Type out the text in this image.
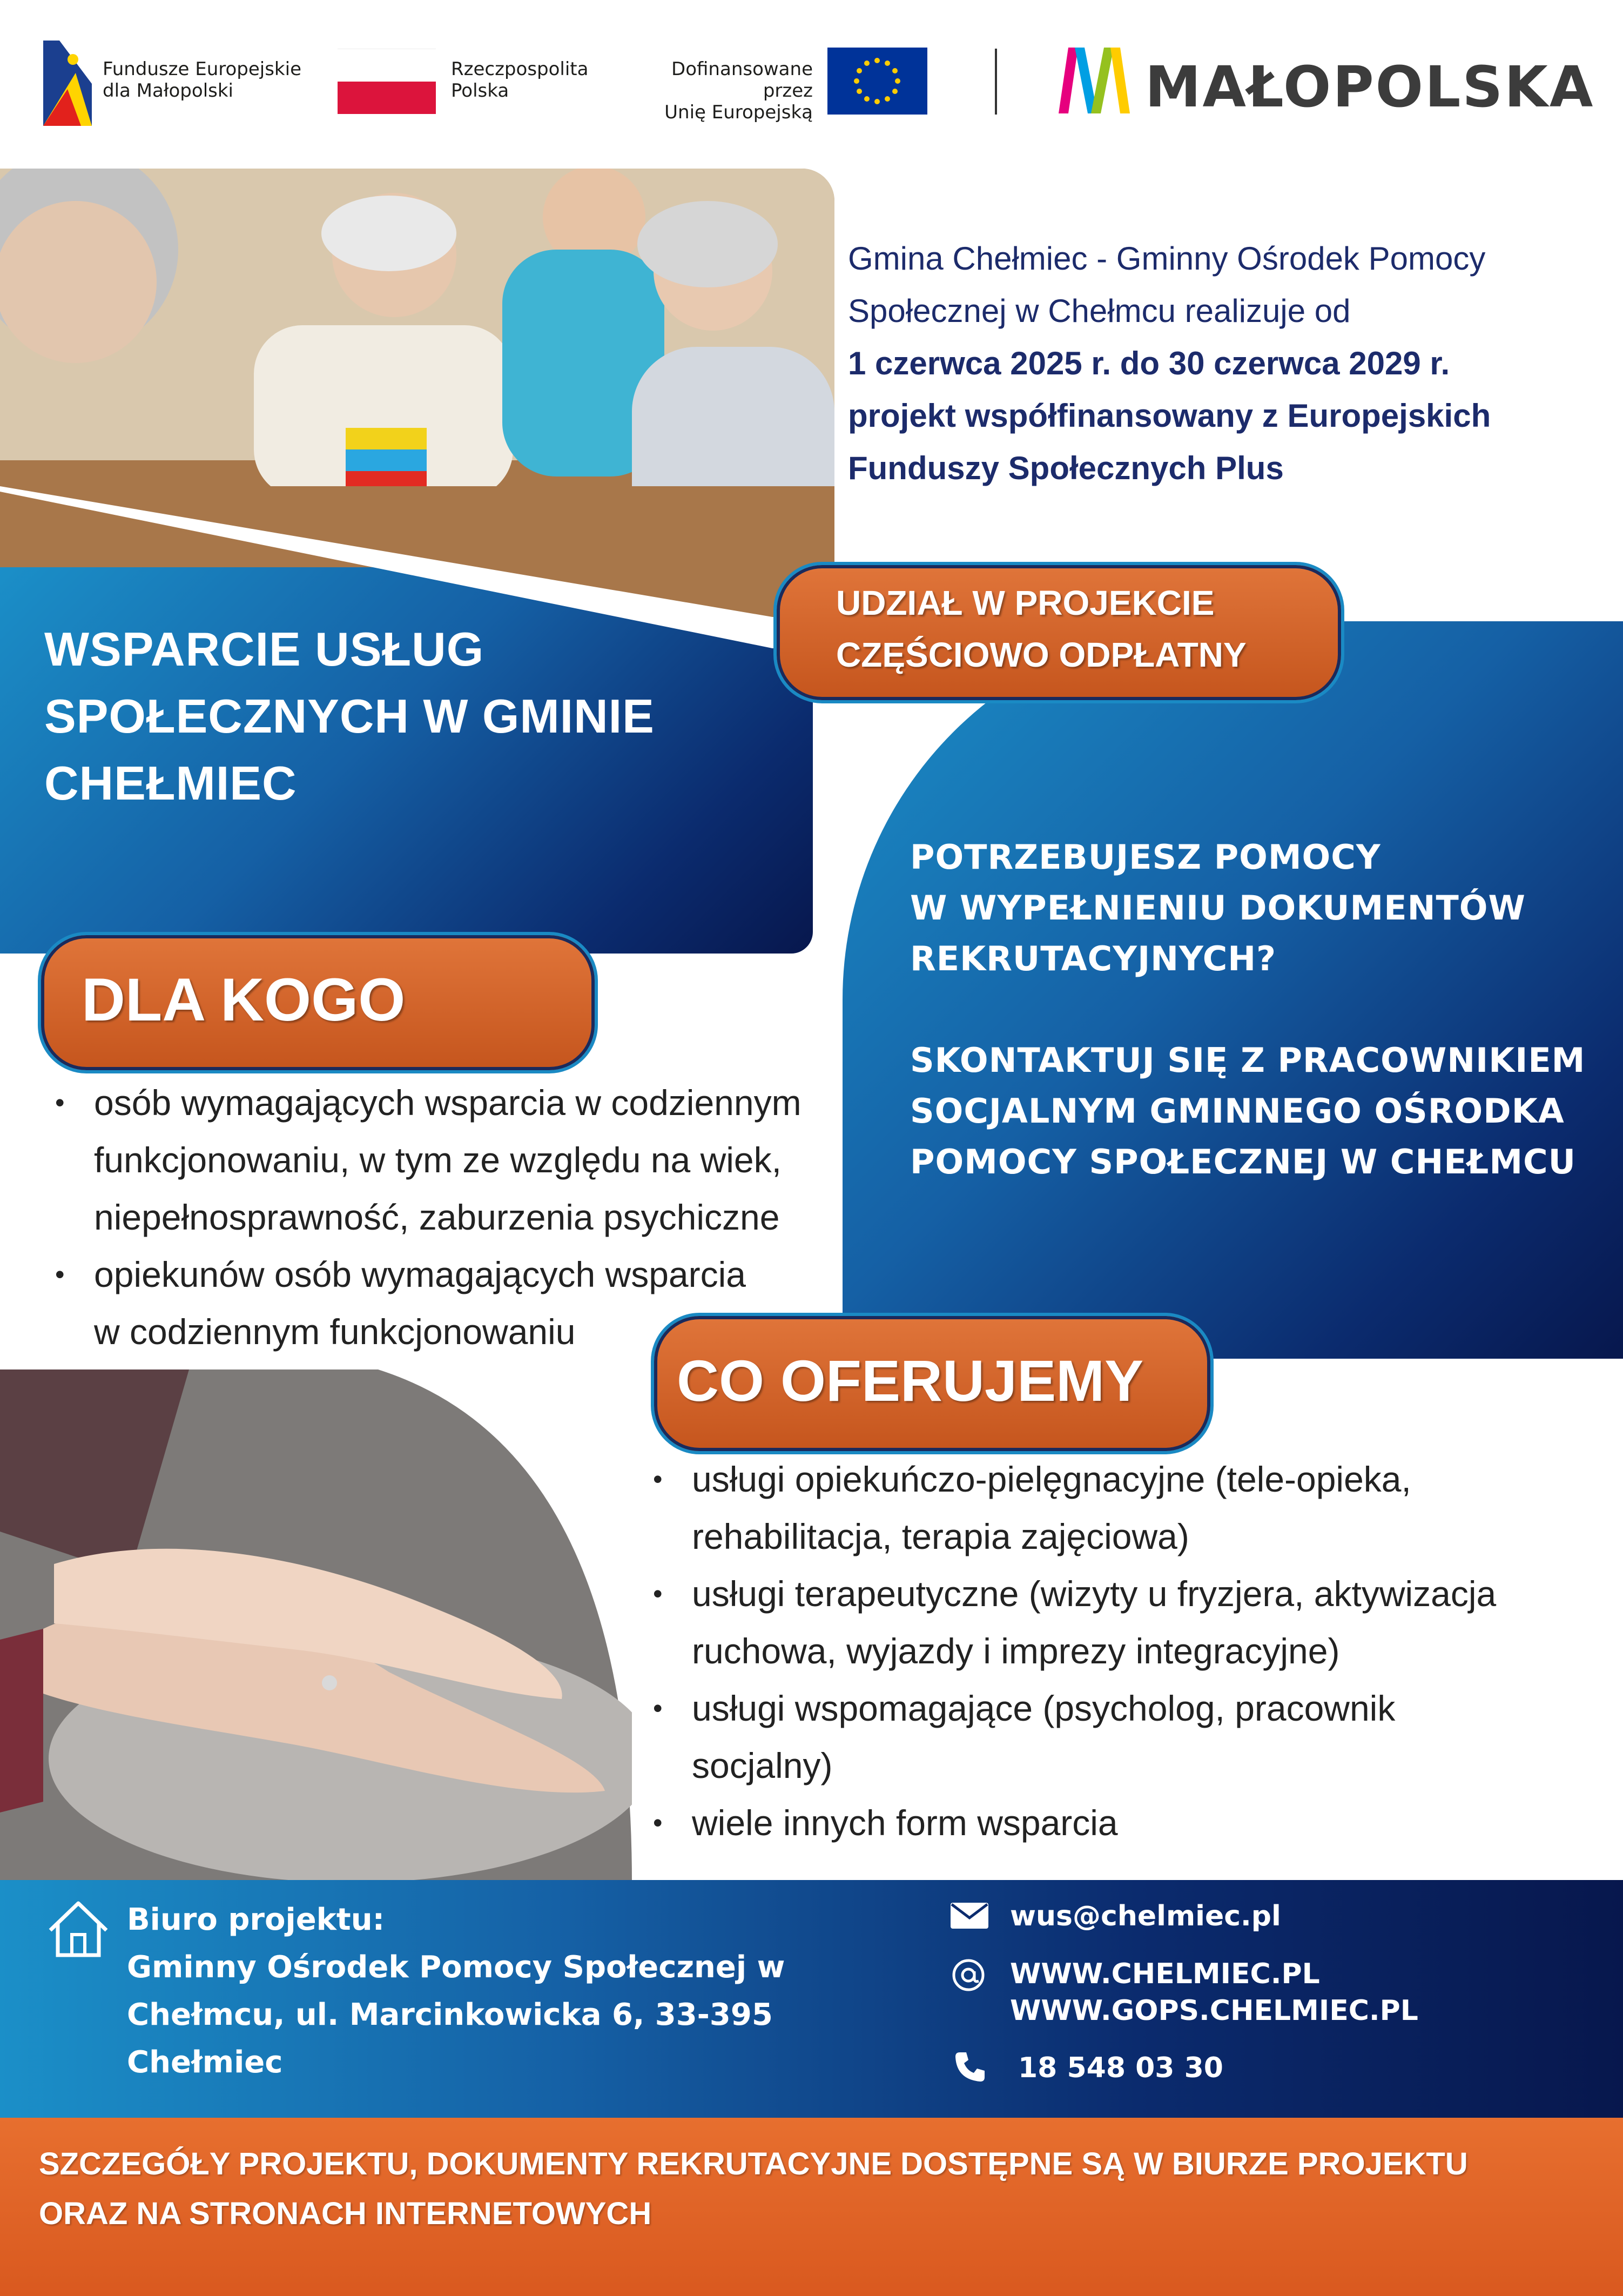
Fundusze Europejskie
dla Małopolski
Rzeczpospolita
Polska
Dofinansowane przez
Unię Europejską	MAŁOPOLSKA
Gmina Chełmiec - Gminny Ośrodek Pomocy
Społecznej w Chełmcu realizuje od
1 czerwca 2025 r. do 30 czerwca 2029 r.
projekt współfinansowany z Europejskich
Funduszy Społecznych Plus
UDZIAŁ W PROJEKCIE
CZĘŚCIOWO ODPŁATNY
WSPARCIE USŁUG
SPOŁECZNYCH W GMINIE
CHEŁMIEC
POTRZEBUJESZ POMOCY
W WYPEŁNIENIU DOKUMENTÓW
REKRUTACYJNYCH?
SKONTAKTUJ SIĘ Z PRACOWNIKIEM
SOCJALNYM GMINNEGO OŚRODKA
POMOCY SPOŁECZNEJ W CHEŁMCU
DLA KOGO
• osób wymagających wsparcia w codziennym
funkcjonowaniu, w tym ze względu na wiek,
niepełnosprawność, zaburzenia psychiczne
• opiekunów osób wymagających wsparcia
w codziennym funkcjonowaniu
CO OFERUJEMY
• usługi opiekuńczo-pielęgnacyjne (tele-opieka,
rehabilitacja, terapia zajęciowa)
• usługi terapeutyczne (wizyty u fryzjera, aktywizacja
ruchowa, wyjazdy i imprezy integracyjne)
• usługi wspomagające (psycholog, pracownik
socjalny)
• wiele innych form wsparcia
Biuro projektu:
Gminny Ośrodek Pomocy Społecznej w
Chełmcu, ul. Marcinkowicka 6, 33-395
Chełmiec
wus@chelmiec.pl
WWW.CHELMIEC.PL
WWW.GOPS.CHELMIEC.PL
18 548 03 30
SZCZEGÓŁY PROJEKTU, DOKUMENTY REKRUTACYJNE DOSTĘPNE SĄ W BIURZE PROJEKTU
ORAZ NA STRONACH INTERNETOWYCH
